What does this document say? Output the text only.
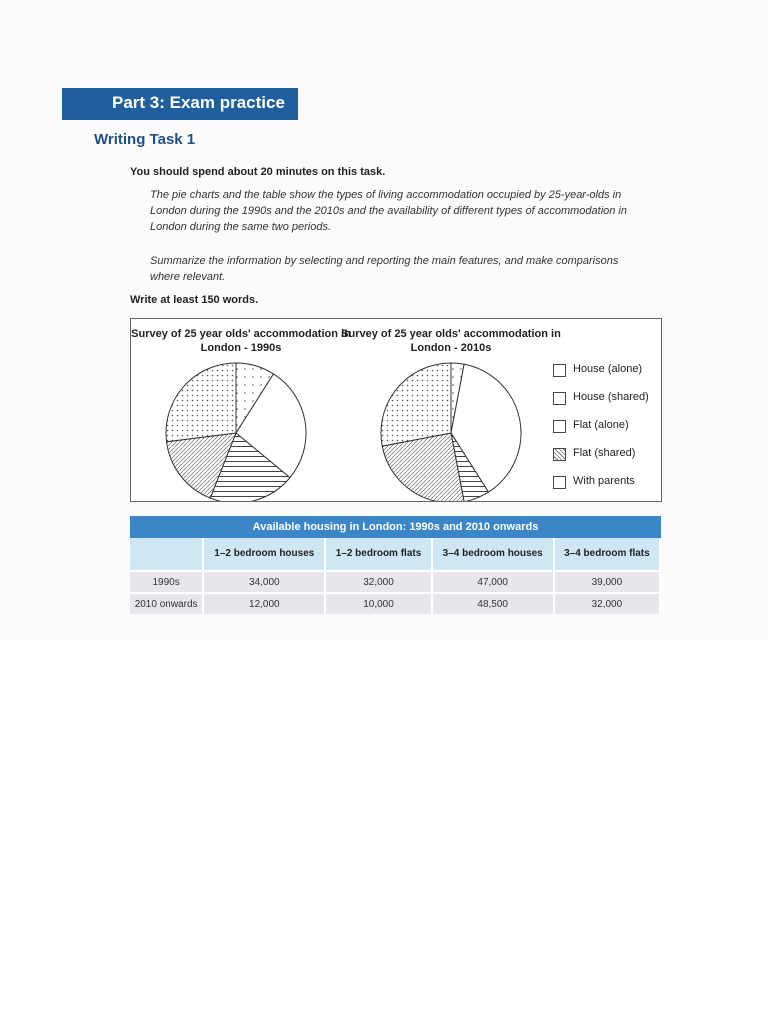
Part 3: Exam practice
Writing Task 1
You should spend about 20 minutes on this task.
The pie charts and the table show the types of living accommodation occupied by 25-year-olds in London during the 1990s and the 2010s and the availability of different types of accommodation in London during the same two periods.
Summarize the information by selecting and reporting the main features, and make comparisons where relevant.
Write at least 150 words.
Survey of 25 year olds' accommodation in London - 1990s
Survey of 25 year olds' accommodation in London - 2010s
House (alone)
House (shared)
Flat (alone)
Flat (shared)
With parents
Available housing in London: 1990s and 2010 onwards
	1–2 bedroom houses	1–2 bedroom flats	3–4 bedroom houses	3–4 bedroom flats
1990s	34,000	32,000	47,000	39,000
2010 onwards	12,000	10,000	48,500	32,000
